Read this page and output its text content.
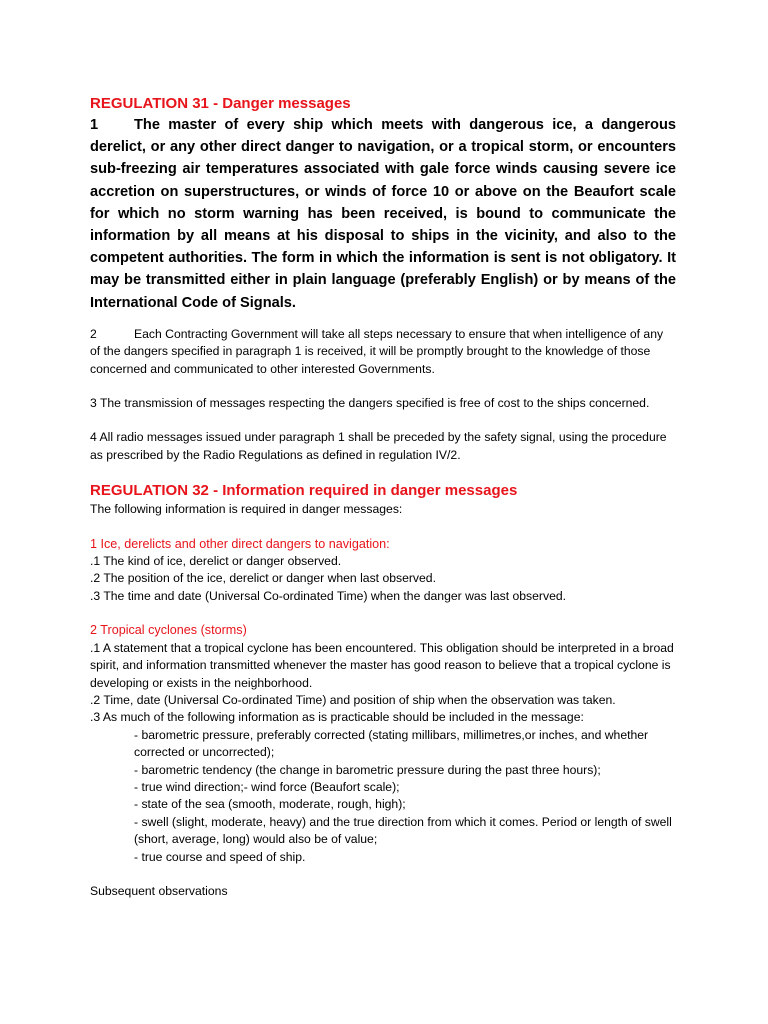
REGULATION 31 - Danger messages

1 The master of every ship which meets with dangerous ice, a dangerous derelict, or any other direct danger to navigation, or a tropical storm, or encounters sub-freezing air temperatures associated with gale force winds causing severe ice accretion on superstructures, or winds of force 10 or above on the Beaufort scale for which no storm warning has been received, is bound to communicate the information by all means at his disposal to ships in the vicinity, and also to the competent authorities. The form in which the information is sent is not obligatory. It may be transmitted either in plain language (preferably English) or by means of the International Code of Signals.

2	Each Contracting Government will take all steps necessary to ensure that when intelligence of any of the dangers specified in paragraph 1 is received, it will be promptly brought to the knowledge of those concerned and communicated to other interested Governments.

3 The transmission of messages respecting the dangers specified is free of cost to the ships concerned.

4 All radio messages issued under paragraph 1 shall be preceded by the safety signal, using the procedure as prescribed by the Radio Regulations as defined in regulation IV/2.

REGULATION 32 - Information required in danger messages

The following information is required in danger messages:

1 Ice, derelicts and other direct dangers to navigation:

.1 The kind of ice, derelict or danger observed.

.2 The position of the ice, derelict or danger when last observed.

.3 The time and date (Universal Co-ordinated Time) when the danger was last observed.

2 Tropical cyclones (storms)

.1 A statement that a tropical cyclone has been encountered. This obligation should be interpreted in a broad spirit, and information transmitted whenever the master has good reason to believe that a tropical cyclone is developing or exists in the neighborhood.

.2 Time, date (Universal Co-ordinated Time) and position of ship when the observation was taken.

.3 As much of the following information as is practicable should be included in the message:

- barometric pressure, preferably corrected (stating millibars, millimetres,or inches, and whether corrected or uncorrected);

- barometric tendency (the change in barometric pressure during the past three hours);

- true wind direction;- wind force (Beaufort scale);

- state of the sea (smooth, moderate, rough, high);

- swell (slight, moderate, heavy) and the true direction from which it comes. Period or length of swell (short, average, long) would also be of value;

- true course and speed of ship.

Subsequent observations
